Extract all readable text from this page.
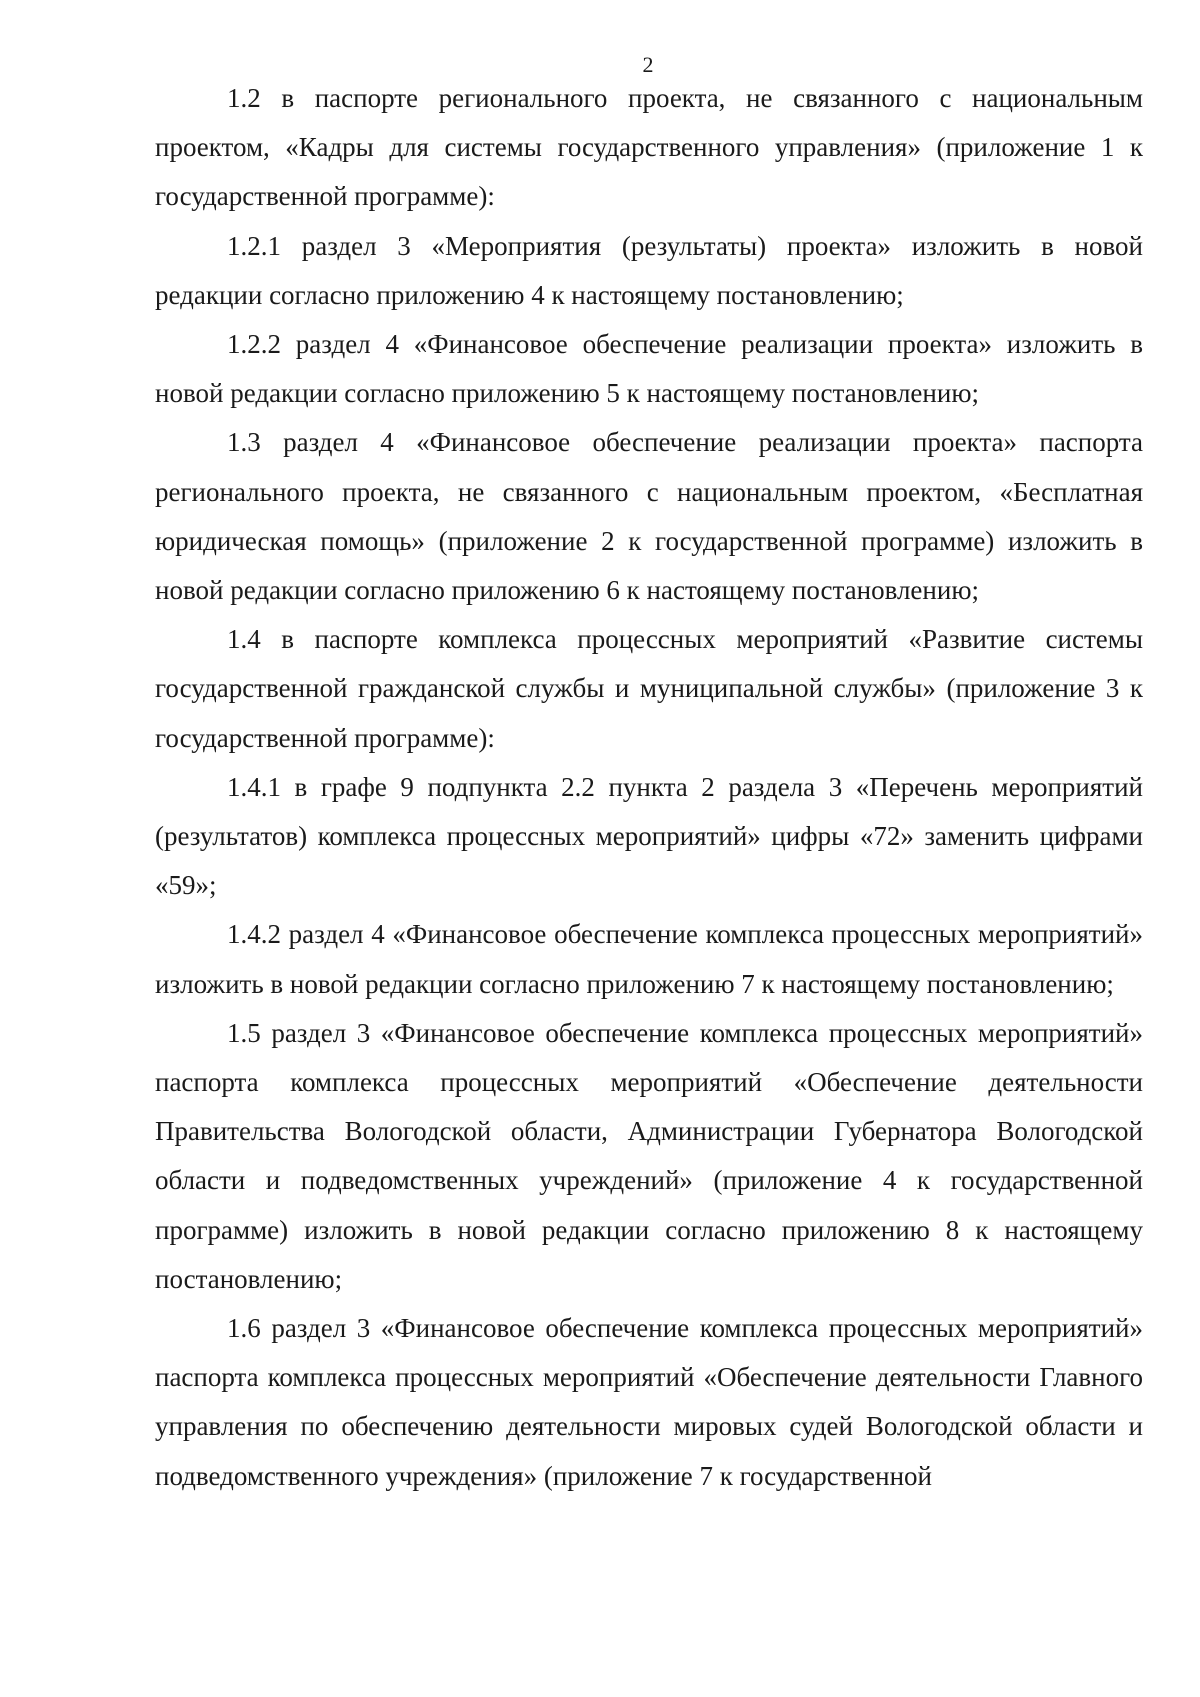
2

1.2 в паспорте регионального проекта, не связанного с национальным проектом, «Кадры для системы государственного управления» (приложение 1 к государственной программе):

1.2.1 раздел 3 «Мероприятия (результаты) проекта» изложить в новой редакции согласно приложению 4 к настоящему постановлению;

1.2.2 раздел 4 «Финансовое обеспечение реализации проекта» изложить в новой редакции согласно приложению 5 к настоящему постановлению;

1.3 раздел 4 «Финансовое обеспечение реализации проекта» паспорта регионального проекта, не связанного с национальным проектом, «Бесплатная юридическая помощь» (приложение 2 к государственной программе) изложить в новой редакции согласно приложению 6 к настоящему постановлению;

1.4 в паспорте комплекса процессных мероприятий «Развитие системы государственной гражданской службы и муниципальной службы» (приложение 3 к государственной программе):

1.4.1 в графе 9 подпункта 2.2 пункта 2 раздела 3 «Перечень мероприятий (результатов) комплекса процессных мероприятий» цифры «72» заменить цифрами «59»;

1.4.2 раздел 4 «Финансовое обеспечение комплекса процессных мероприятий» изложить в новой редакции согласно приложению 7 к настоящему постановлению;

1.5 раздел 3 «Финансовое обеспечение комплекса процессных мероприятий» паспорта комплекса процессных мероприятий «Обеспечение деятельности Правительства Вологодской области, Администрации Губернатора Вологодской области и подведомственных учреждений» (приложение 4 к государственной программе) изложить в новой редакции согласно приложению 8 к настоящему постановлению;

1.6 раздел 3 «Финансовое обеспечение комплекса процессных мероприятий» паспорта комплекса процессных мероприятий «Обеспечение деятельности Главного управления по обеспечению деятельности мировых судей Вологодской области и подведомственного учреждения» (приложение 7 к государственной
